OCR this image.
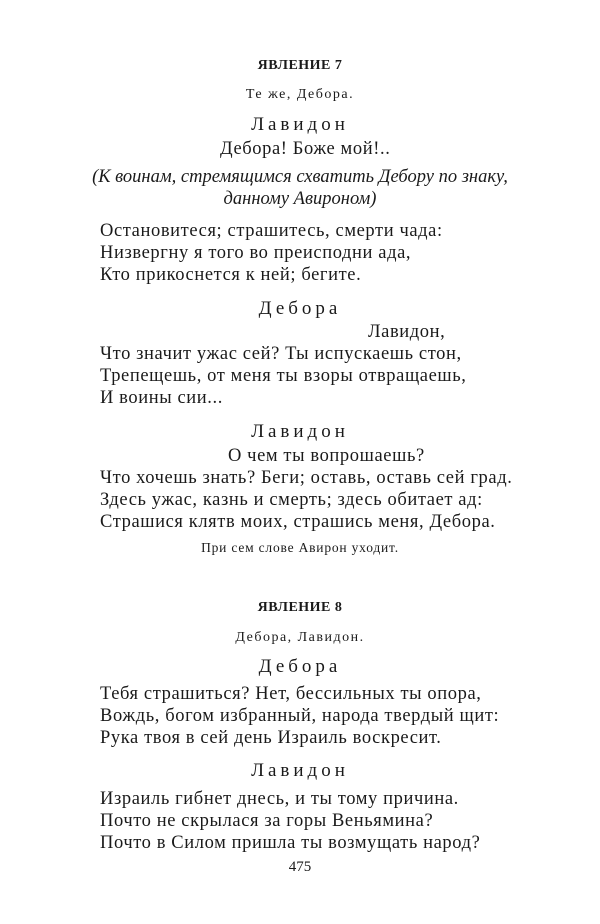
ЯВЛЕНИЕ 7
Те же, Дебора.
Лавидон
Дебора! Боже мой!..
(К воинам, стремящимся схватить Дебору по знаку,
данному Авироном)
Остановитеся; страшитесь, смерти чада:
Низвергну я того во преисподни ада,
Кто прикоснется к ней; бегите.
Дебора
Лавидон,
Что значит ужас сей? Ты испускаешь стон,
Трепещешь, от меня ты взоры отвращаешь,
И воины сии...
Лавидон
О чем ты вопрошаешь?
Что хочешь знать? Беги; оставь, оставь сей град.
Здесь ужас, казнь и смерть; здесь обитает ад:
Страшися клятв моих, страшись меня, Дебора.
При сем слове Авирон уходит.
ЯВЛЕНИЕ 8
Дебора, Лавидон.
Дебора
Тебя страшиться? Нет, бессильных ты опора,
Вождь, богом избранный, народа твердый щит:
Рука твоя в сей день Израиль воскресит.
Лавидон
Израиль гибнет днесь, и ты тому причина.
Почто не скрылася за горы Веньямина?
Почто в Силом пришла ты возмущать народ?
475
